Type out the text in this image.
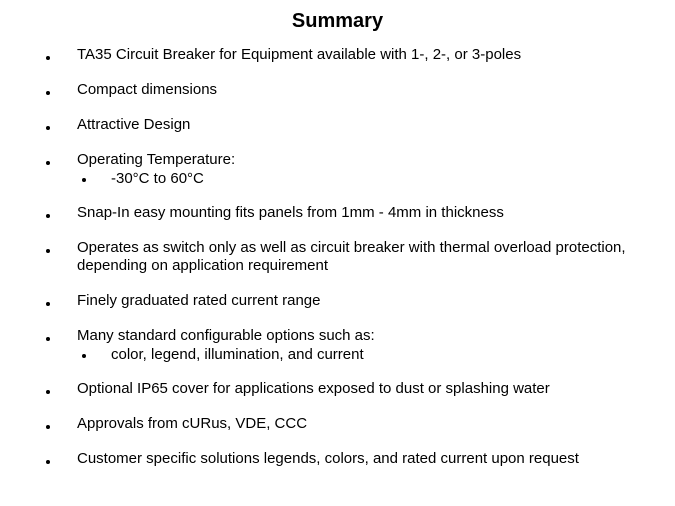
Summary
TA35 Circuit Breaker for Equipment available with 1-, 2-, or 3-poles
Compact dimensions
Attractive Design
Operating Temperature:
-30°C to 60°C
Snap-In easy mounting fits panels from 1mm - 4mm in thickness
Operates as switch only as well as circuit breaker with thermal overload protection, depending on application requirement
Finely graduated rated current range
Many standard configurable options such as:
color, legend, illumination, and current
Optional IP65 cover for applications exposed to dust or splashing water
Approvals from cURus, VDE, CCC
Customer specific solutions legends, colors, and rated current upon request
